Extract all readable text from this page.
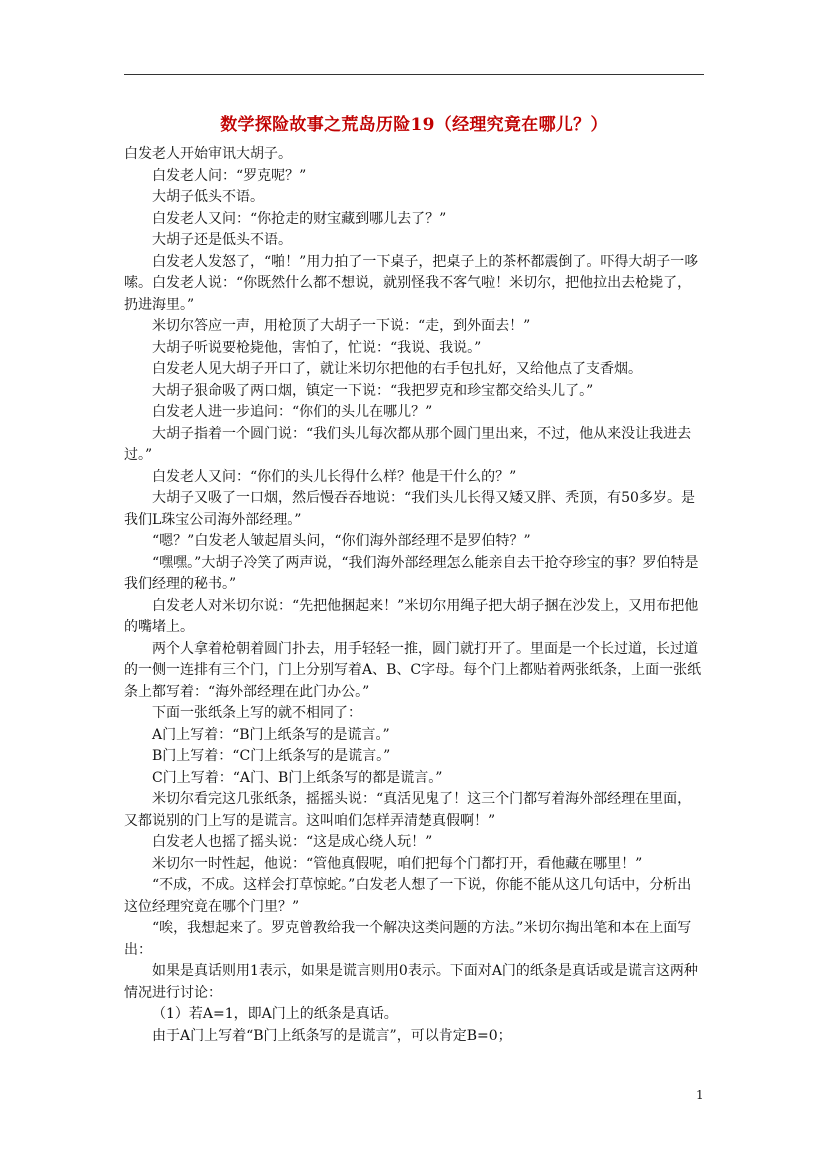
数学探险故事之荒岛历险19（经理究竟在哪儿？）

白发老人开始审讯大胡子。

白发老人问：“罗克呢？”

大胡子低头不语。

白发老人又问：“你抢走的财宝藏到哪儿去了？”

大胡子还是低头不语。

白发老人发怒了，“啪！”用力拍了一下桌子，把桌子上的茶杯都震倒了。吓得大胡子一哆嗦。白发老人说：“你既然什么都不想说，就别怪我不客气啦！米切尔，把他拉出去枪毙了，扔进海里。”

米切尔答应一声，用枪顶了大胡子一下说：“走，到外面去！”

大胡子听说要枪毙他，害怕了，忙说：“我说、我说。”

白发老人见大胡子开口了，就让米切尔把他的右手包扎好，又给他点了支香烟。

大胡子狠命吸了两口烟，镇定一下说：“我把罗克和珍宝都交给头儿了。”

白发老人进一步追问：“你们的头儿在哪儿？”

大胡子指着一个圆门说：“我们头儿每次都从那个圆门里出来，不过，他从来没让我进去过。”

白发老人又问：“你们的头儿长得什么样？他是干什么的？”

大胡子又吸了一口烟，然后慢吞吞地说：“我们头儿长得又矮又胖、秃顶，有50多岁。是我们L珠宝公司海外部经理。”

“嗯？”白发老人皱起眉头问，“你们海外部经理不是罗伯特？”

“嘿嘿。”大胡子冷笑了两声说，“我们海外部经理怎么能亲自去干抢夺珍宝的事？罗伯特是我们经理的秘书。”

白发老人对米切尔说：“先把他捆起来！”米切尔用绳子把大胡子捆在沙发上，又用布把他的嘴堵上。

两个人拿着枪朝着圆门扑去，用手轻轻一推，圆门就打开了。里面是一个长过道，长过道的一侧一连排有三个门，门上分别写着A、B、C字母。每个门上都贴着两张纸条，上面一张纸条上都写着：“海外部经理在此门办公。”

下面一张纸条上写的就不相同了：

A门上写着：“B门上纸条写的是谎言。”

B门上写着：“C门上纸条写的是谎言。”

C门上写着：“A门、B门上纸条写的都是谎言。”

米切尔看完这几张纸条，摇摇头说：“真活见鬼了！这三个门都写着海外部经理在里面，又都说别的门上写的是谎言。这叫咱们怎样弄清楚真假啊！”

白发老人也摇了摇头说：“这是成心绕人玩！”

米切尔一时性起，他说：“管他真假呢，咱们把每个门都打开，看他藏在哪里！”

“不成，不成。这样会打草惊蛇。”白发老人想了一下说，你能不能从这几句话中，分析出这位经理究竟在哪个门里？”

“唉，我想起来了。罗克曾教给我一个解决这类问题的方法。”米切尔掏出笔和本在上面写出：

如果是真话则用1表示，如果是谎言则用0表示。下面对A门的纸条是真话或是谎言这两种情况进行讨论：

（1）若A=1，即A门上的纸条是真话。

由于A门上写着“B门上纸条写的是谎言”，可以肯定B=0；

1
